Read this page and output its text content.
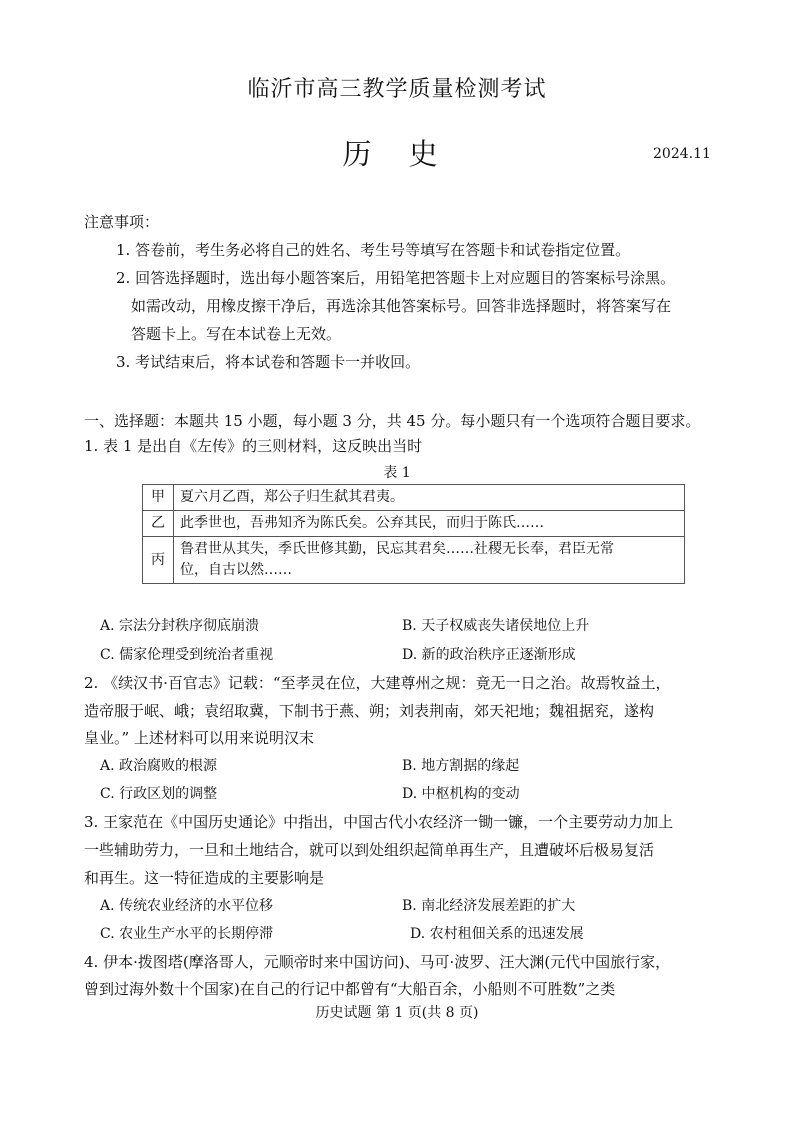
临沂市高三教学质量检测考试
历 史	2024.11
注意事项：
1. 答卷前，考生务必将自己的姓名、考生号等填写在答题卡和试卷指定位置。
2. 回答选择题时，选出每小题答案后，用铅笔把答题卡上对应题目的答案标号涂黑。
如需改动，用橡皮擦干净后，再选涂其他答案标号。回答非选择题时，将答案写在
答题卡上。写在本试卷上无效。
3. 考试结束后，将本试卷和答题卡一并收回。
一、选择题：本题共 15 小题，每小题 3 分，共 45 分。每小题只有一个选项符合题目要求。
1. 表 1 是出自《左传》的三则材料，这反映出当时
表 1
甲	夏六月乙酉，郑公子归生弑其君夷。
乙	此季世也，吾弗知齐为陈氏矣。公弃其民，而归于陈氏……
丙	鲁君世从其失，季氏世修其勤，民忘其君矣……社稷无长奉，君臣无常
位，自古以然……
A. 宗法分封秩序彻底崩溃	B. 天子权威丧失诸侯地位上升
C. 儒家伦理受到统治者重视	D. 新的政治秩序正逐渐形成
2. 《续汉书·百官志》记载：“至孝灵在位，大建尊州之规：竟无一日之治。故焉牧益土，
造帝服于岷、峨；袁绍取冀，下制书于燕、朔；刘表荆南，郊天祀地；魏祖据兖，遂构
皇业。” 上述材料可以用来说明汉末
A. 政治腐败的根源	B. 地方割据的缘起
C. 行政区划的调整	D. 中枢机构的变动
3. 王家范在《中国历史通论》中指出，中国古代小农经济一锄一镰，一个主要劳动力加上
一些辅助劳力，一旦和土地结合，就可以到处组织起简单再生产，且遭破坏后极易复活
和再生。这一特征造成的主要影响是
A. 传统农业经济的水平位移	B. 南北经济发展差距的扩大
C. 农业生产水平的长期停滞	D. 农村租佃关系的迅速发展
4. 伊本·拨图塔(摩洛哥人，元顺帝时来中国访问)、马可·波罗、汪大渊(元代中国旅行家，
曾到过海外数十个国家)在自己的行记中都曾有“大船百余，小船则不可胜数”之类
历史试题 第 1 页(共 8 页)
